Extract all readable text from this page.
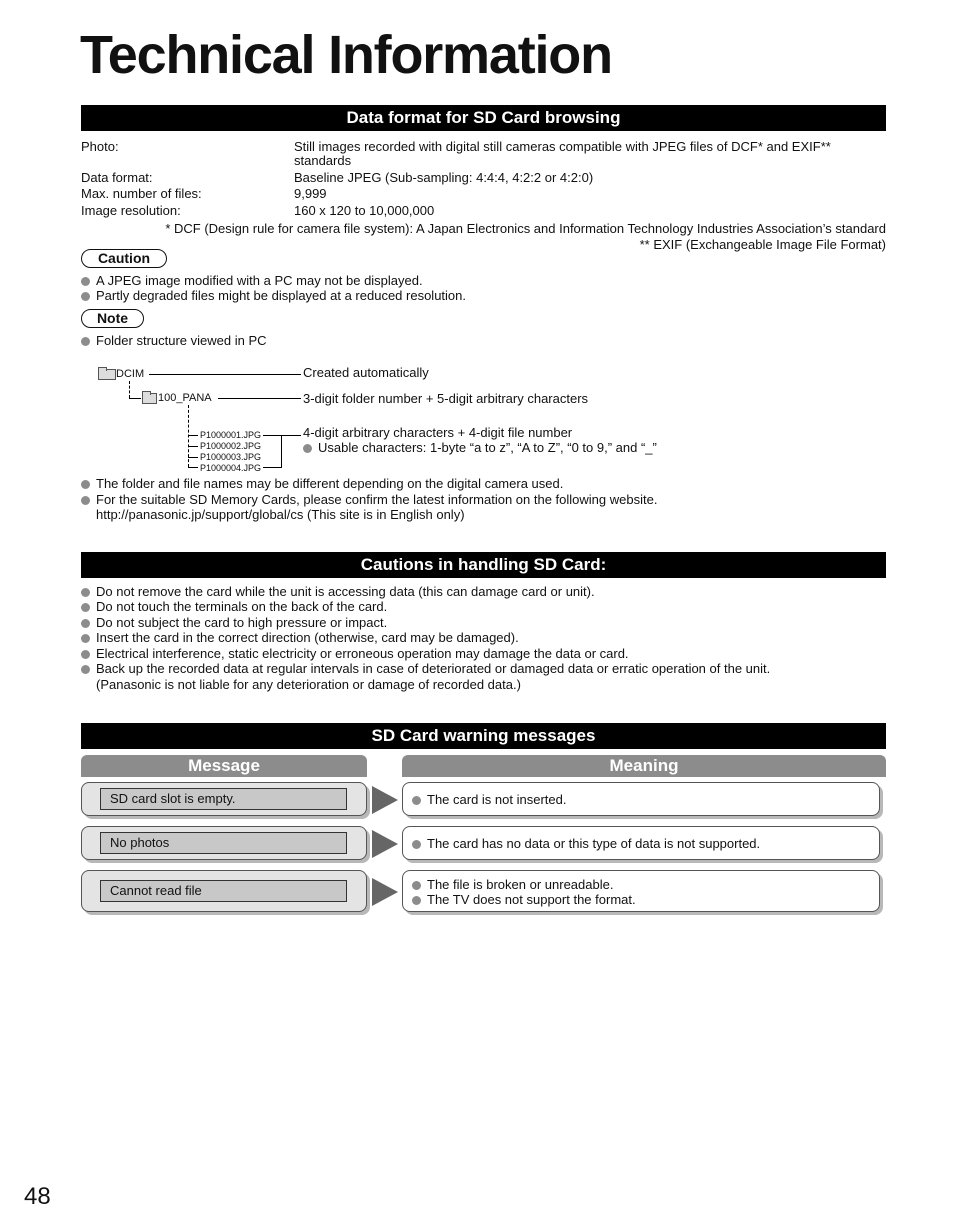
Technical Information
Data format for SD Card browsing
Photo:	Still images recorded with digital still cameras compatible with JPEG files of DCF* and EXIF**
standards
Data format:	Baseline JPEG (Sub-sampling: 4:4:4, 4:2:2 or 4:2:0)
Max. number of files:	9,999
Image resolution:	160 x 120 to 10,000,000
* DCF (Design rule for camera file system): A Japan Electronics and Information Technology Industries Association’s standard
** EXIF (Exchangeable Image File Format)
Caution
A JPEG image modified with a PC may not be displayed.
Partly degraded files might be displayed at a reduced resolution.
Note
Folder structure viewed in PC
DCIM	Created automatically
100_PANA	3-digit folder number + 5-digit arbitrary characters
P1000001.JPG
P1000002.JPG
P1000003.JPG
P1000004.JPG
4-digit arbitrary characters + 4-digit file number
Usable characters: 1-byte “a to z”, “A to Z”, “0 to 9,” and “_”
The folder and file names may be different depending on the digital camera used.
For the suitable SD Memory Cards, please confirm the latest information on the following website.
http://panasonic.jp/support/global/cs (This site is in English only)
Cautions in handling SD Card:
Do not remove the card while the unit is accessing data (this can damage card or unit).
Do not touch the terminals on the back of the card.
Do not subject the card to high pressure or impact.
Insert the card in the correct direction (otherwise, card may be damaged).
Electrical interference, static electricity or erroneous operation may damage the data or card.
Back up the recorded data at regular intervals in case of deteriorated or damaged data or erratic operation of the unit.
(Panasonic is not liable for any deterioration or damage of recorded data.)
SD Card warning messages
Message	Meaning
SD card slot is empty.	The card is not inserted.
No photos	The card has no data or this type of data is not supported.
Cannot read file	The file is broken or unreadable.
The TV does not support the format.
48
